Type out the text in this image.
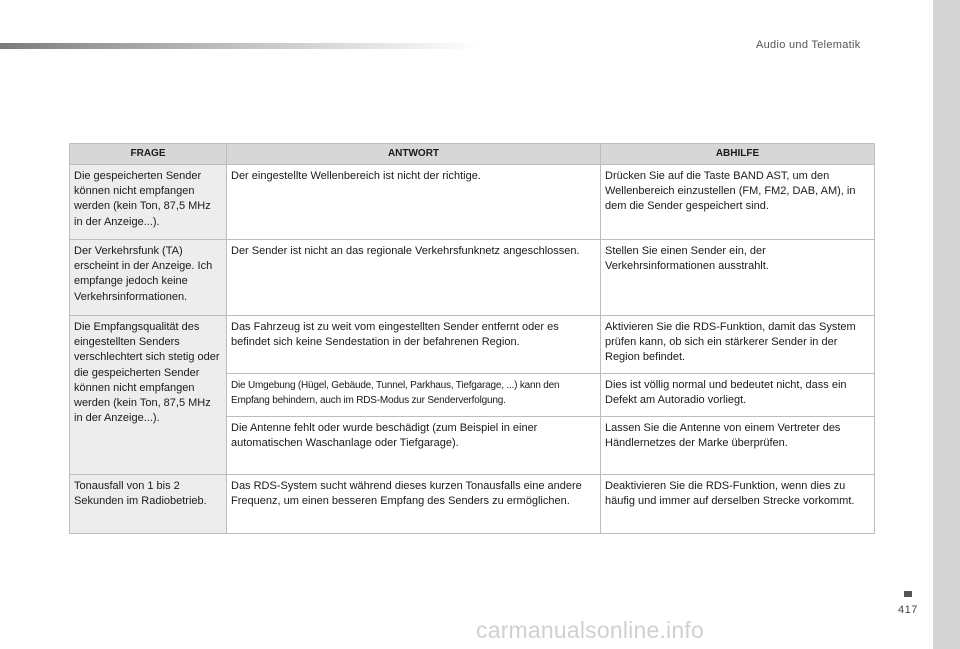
Audio und Telematik
FRAGE	ANTWORT	ABHILFE
Die gespeicherten Sender können nicht empfangen werden (kein Ton, 87,5 MHz in der Anzeige...).	Der eingestellte Wellenbereich ist nicht der richtige.	Drücken Sie auf die Taste BAND AST, um den Wellenbereich einzustellen (FM, FM2, DAB, AM), in dem die Sender gespeichert sind.
Der Verkehrsfunk (TA) erscheint in der Anzeige. Ich empfange jedoch keine Verkehrsinformationen.	Der Sender ist nicht an das regionale Verkehrsfunknetz angeschlossen.	Stellen Sie einen Sender ein, der Verkehrsinformationen ausstrahlt.
Die Empfangsqualität des eingestellten Senders verschlechtert sich stetig oder die gespeicherten Sender können nicht empfangen werden (kein Ton, 87,5 MHz in der Anzeige...).	Das Fahrzeug ist zu weit vom eingestellten Sender entfernt oder es befindet sich keine Sendestation in der befahrenen Region.	Aktivieren Sie die RDS-Funktion, damit das System prüfen kann, ob sich ein stärkerer Sender in der Region befindet.
	Die Umgebung (Hügel, Gebäude, Tunnel, Parkhaus, Tiefgarage, ...) kann den Empfang behindern, auch im RDS-Modus zur Senderverfolgung.	Dies ist völlig normal und bedeutet nicht, dass ein Defekt am Autoradio vorliegt.
	Die Antenne fehlt oder wurde beschädigt (zum Beispiel in einer automatischen Waschanlage oder Tiefgarage).	Lassen Sie die Antenne von einem Vertreter des Händlernetzes der Marke überprüfen.
Tonausfall von 1 bis 2 Sekunden im Radiobetrieb.	Das RDS-System sucht während dieses kurzen Tonausfalls eine andere Frequenz, um einen besseren Empfang des Senders zu ermöglichen.	Deaktivieren Sie die RDS-Funktion, wenn dies zu häufig und immer auf derselben Strecke vorkommt.
417
carmanualsonline.info
